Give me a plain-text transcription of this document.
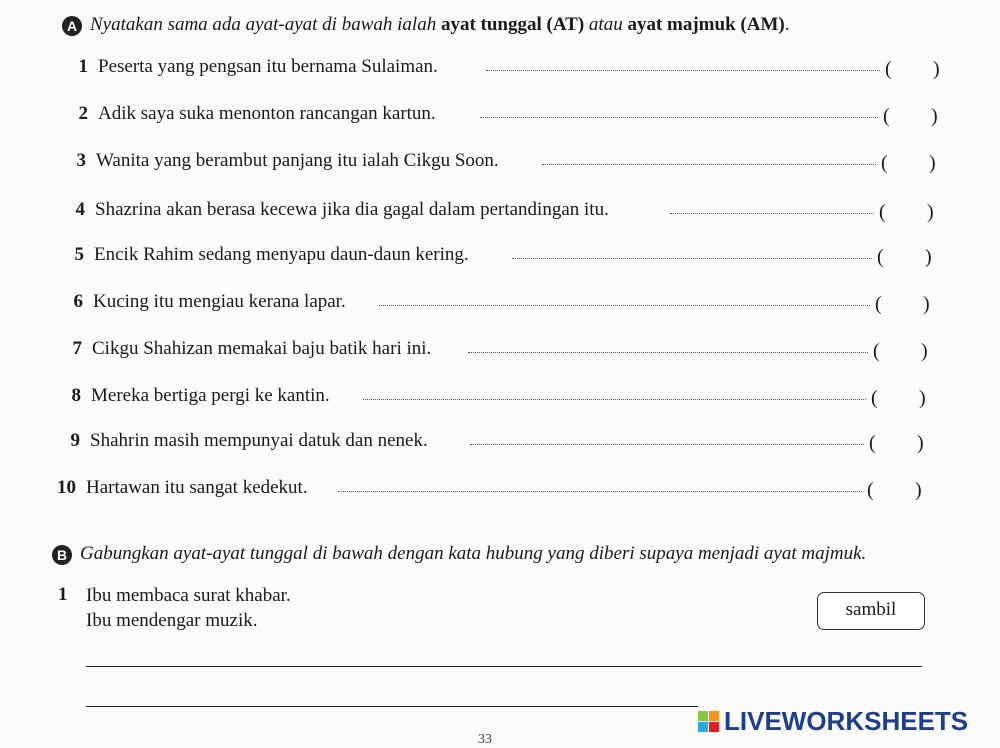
A Nyatakan sama ada ayat-ayat di bawah ialah ayat tunggal (AT) atau ayat majmuk (AM).
1 Peserta yang pengsan itu bernama Sulaiman.	( )
2 Adik saya suka menonton rancangan kartun.	( )
3 Wanita yang berambut panjang itu ialah Cikgu Soon.	( )
4 Shazrina akan berasa kecewa jika dia gagal dalam pertandingan itu.	( )
5 Encik Rahim sedang menyapu daun-daun kering.	( )
6 Kucing itu mengiau kerana lapar.	( )
7 Cikgu Shahizan memakai baju batik hari ini.	( )
8 Mereka bertiga pergi ke kantin.	( )
9 Shahrin masih mempunyai datuk dan nenek.	( )
10 Hartawan itu sangat kedekut.	( )
B Gabungkan ayat-ayat tunggal di bawah dengan kata hubung yang diberi supaya menjadi ayat majmuk.
1 Ibu membaca surat khabar.
Ibu mendengar muzik.
sambil
33
LIVEWORKSHEETS
